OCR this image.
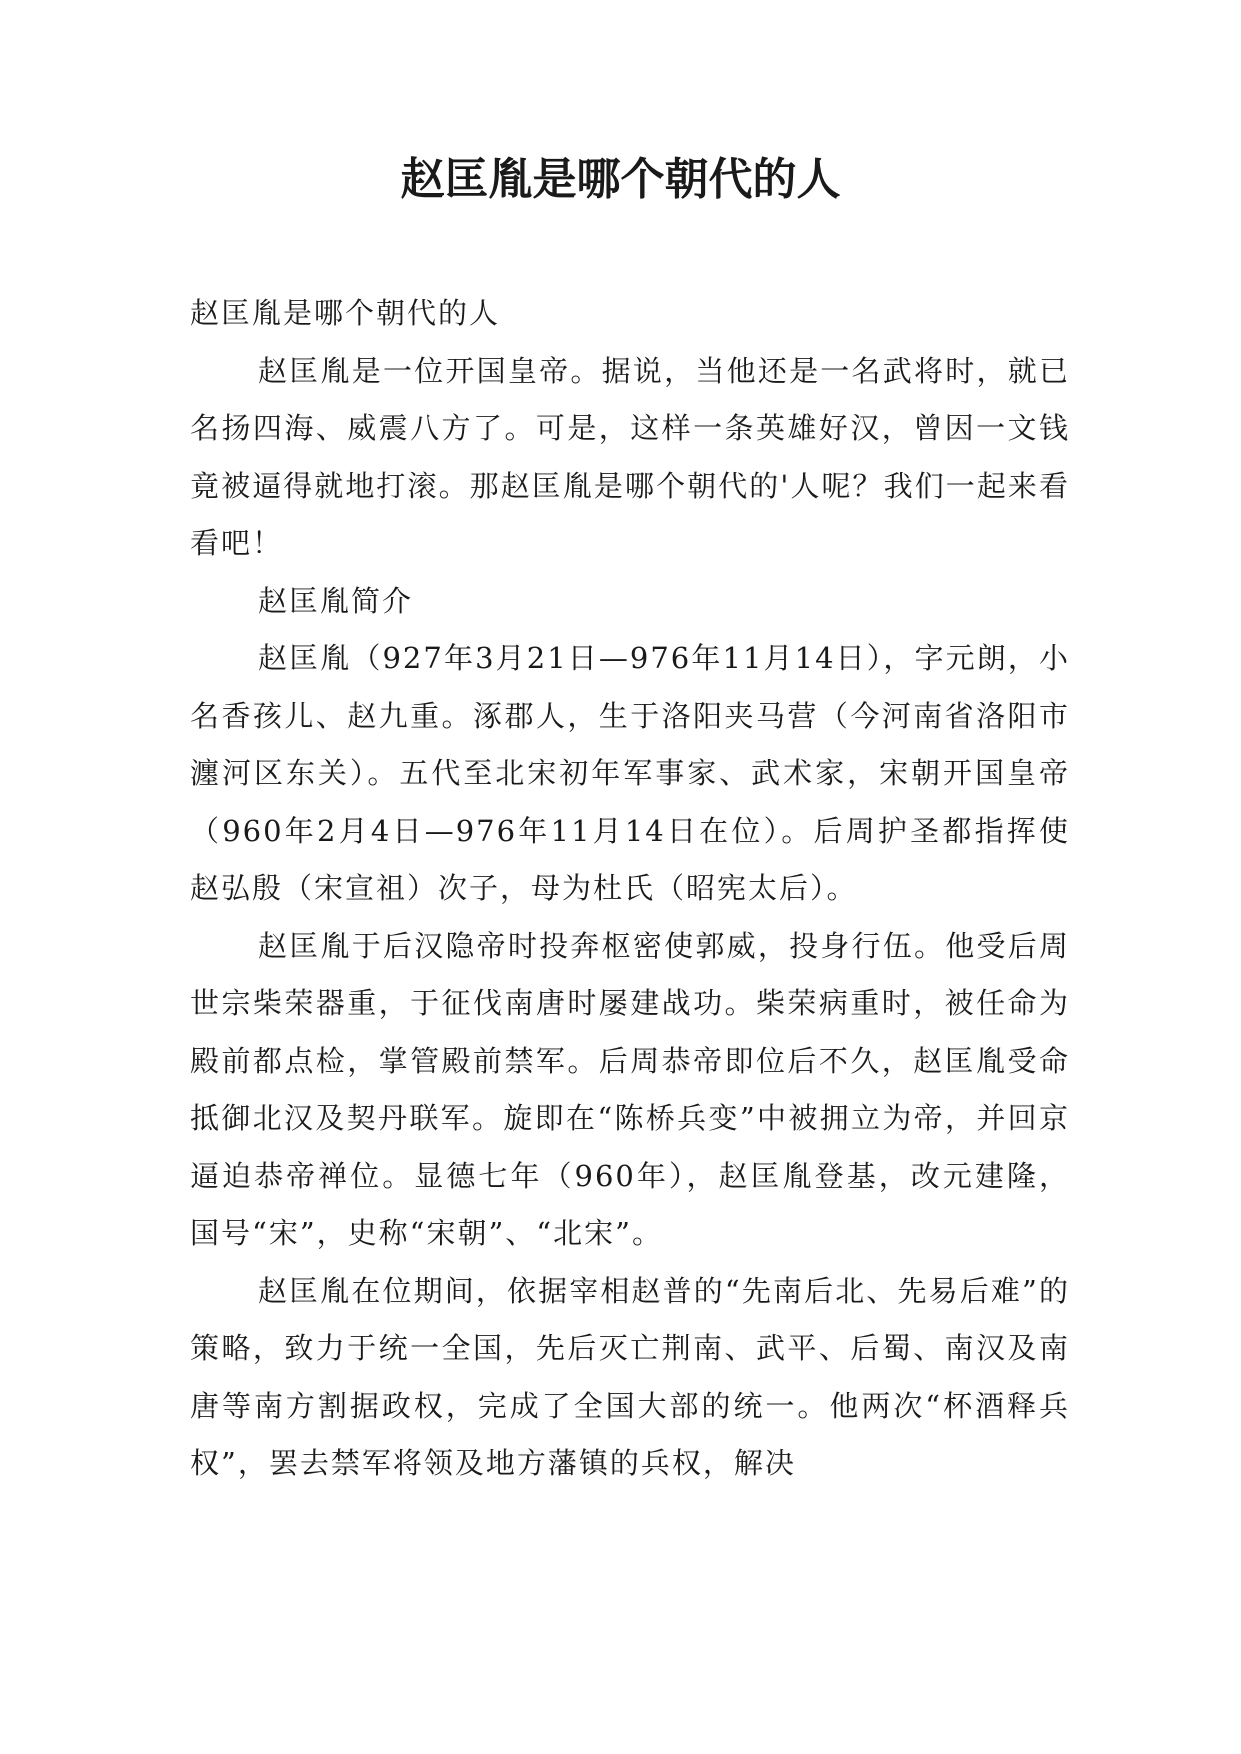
赵匡胤是哪个朝代的人

赵匡胤是哪个朝代的人

赵匡胤是一位开国皇帝。据说，当他还是一名武将时，就已名扬四海、威震八方了。可是，这样一条英雄好汉，曾因一文钱竟被逼得就地打滚。那赵匡胤是哪个朝代的'人呢？我们一起来看看吧！

赵匡胤简介

赵匡胤（927年3月21日—976年11月14日），字元朗，小名香孩儿、赵九重。涿郡人，生于洛阳夹马营（今河南省洛阳市瀍河区东关）。五代至北宋初年军事家、武术家，宋朝开国皇帝（960年2月4日—976年11月14日在位）。后周护圣都指挥使赵弘殷（宋宣祖）次子，母为杜氏（昭宪太后）。

赵匡胤于后汉隐帝时投奔枢密使郭威，投身行伍。他受后周世宗柴荣器重，于征伐南唐时屡建战功。柴荣病重时，被任命为殿前都点检，掌管殿前禁军。后周恭帝即位后不久，赵匡胤受命抵御北汉及契丹联军。旋即在“陈桥兵变”中被拥立为帝，并回京逼迫恭帝禅位。显德七年（960年），赵匡胤登基，改元建隆，国号“宋”，史称“宋朝”、“北宋”。

赵匡胤在位期间，依据宰相赵普的“先南后北、先易后难”的策略，致力于统一全国，先后灭亡荆南、武平、后蜀、南汉及南唐等南方割据政权，完成了全国大部的统一。他两次“杯酒释兵权”，罢去禁军将领及地方藩镇的兵权，解决
